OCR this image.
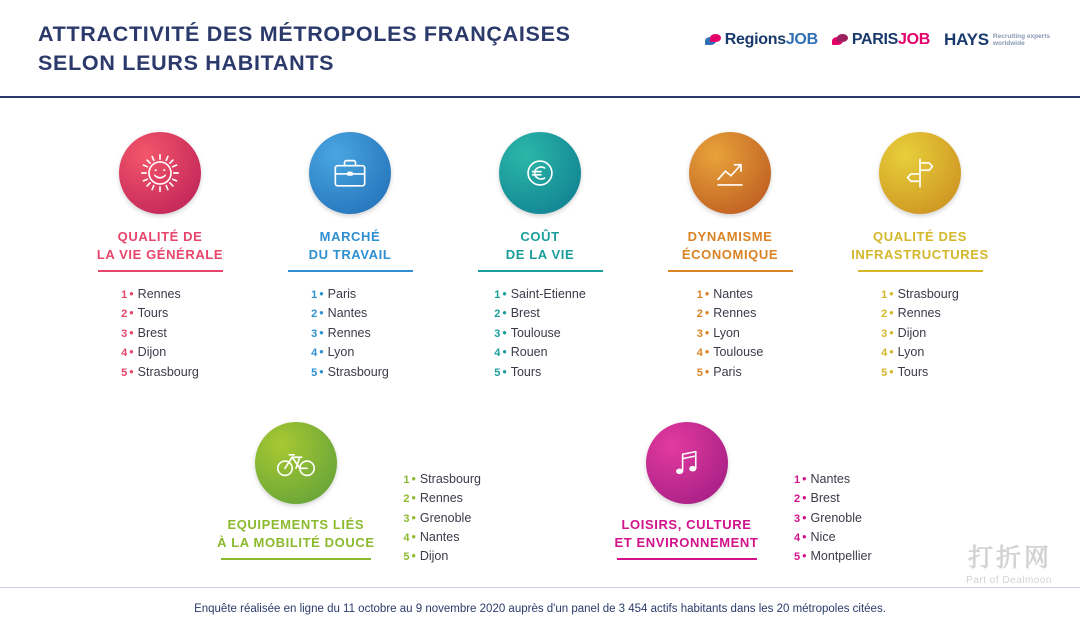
ATTRACTIVITÉ DES MÉTROPOLES FRANÇAISES
SELON LEURS HABITANTS
RegionsJOB PARISJOB HAYS Recruiting experts
worldwide
QUALITÉ DE
LA VIE GÉNÉRALE
1 • Rennes
2 • Tours
3 • Brest
4 • Dijon
5 • Strasbourg
MARCHÉ
DU TRAVAIL
1 • Paris
2 • Nantes
3 • Rennes
4 • Lyon
5 • Strasbourg
COÛT
DE LA VIE
1 • Saint-Etienne
2 • Brest
3 • Toulouse
4 • Rouen
5 • Tours
DYNAMISME
ÉCONOMIQUE
1 • Nantes
2 • Rennes
3 • Lyon
4 • Toulouse
5 • Paris
QUALITÉ DES
INFRASTRUCTURES
1 • Strasbourg
2 • Rennes
3 • Dijon
4 • Lyon
5 • Tours
EQUIPEMENTS LIÉS
À LA MOBILITÉ DOUCE
1 • Strasbourg
2 • Rennes
3 • Grenoble
4 • Nantes
5 • Dijon
LOISIRS, CULTURE
ET ENVIRONNEMENT
1 • Nantes
2 • Brest
3 • Grenoble
4 • Nice
5 • Montpellier	打折网
Part of Dealmoon
Enquête réalisée en ligne du 11 octobre au 9 novembre 2020 auprès d'un panel de 3 454 actifs habitants dans les 20 métropoles citées.
